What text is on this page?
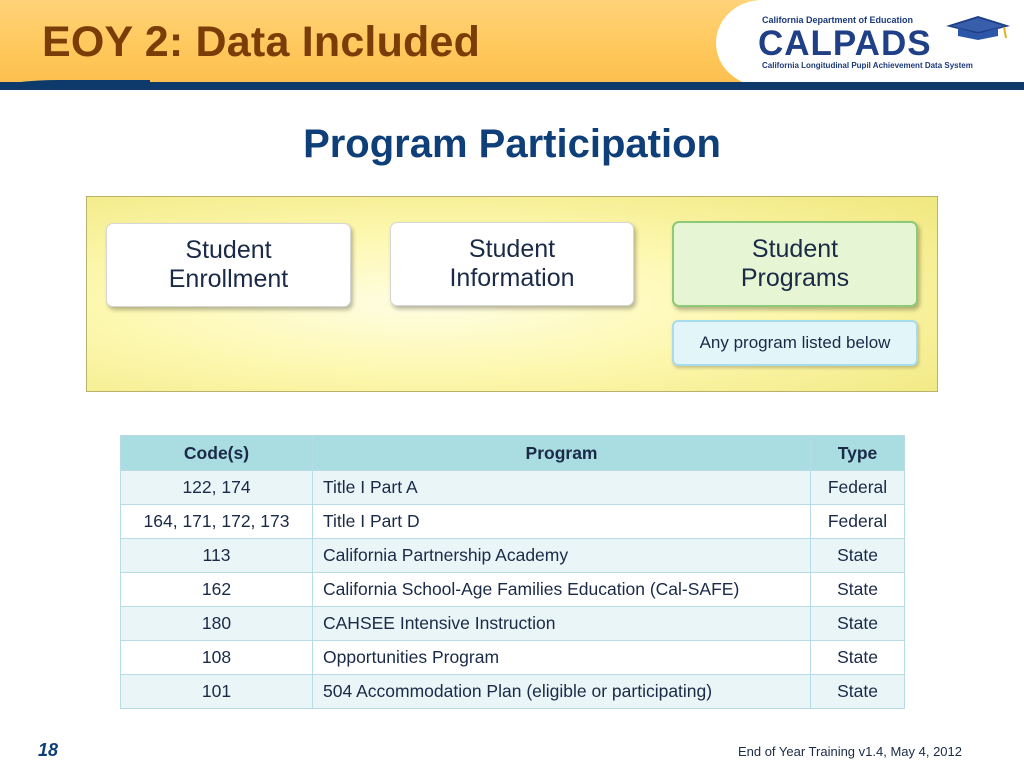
EOY 2: Data Included	California Department of Education
CALPADS
California Longitudinal Pupil Achievement Data System
Program Participation
Student
Enrollment
Student
Information
Student
Programs
Any program listed below
Code(s)	Program	Type
122, 174	Title I Part A	Federal
164, 171, 172, 173	Title I Part D	Federal
113	California Partnership Academy	State
162	California School-Age Families Education (Cal-SAFE)	State
180	CAHSEE Intensive Instruction	State
108	Opportunities Program	State
101	504 Accommodation Plan (eligible or participating)	State
18	End of Year Training v1.4, May 4, 2012
